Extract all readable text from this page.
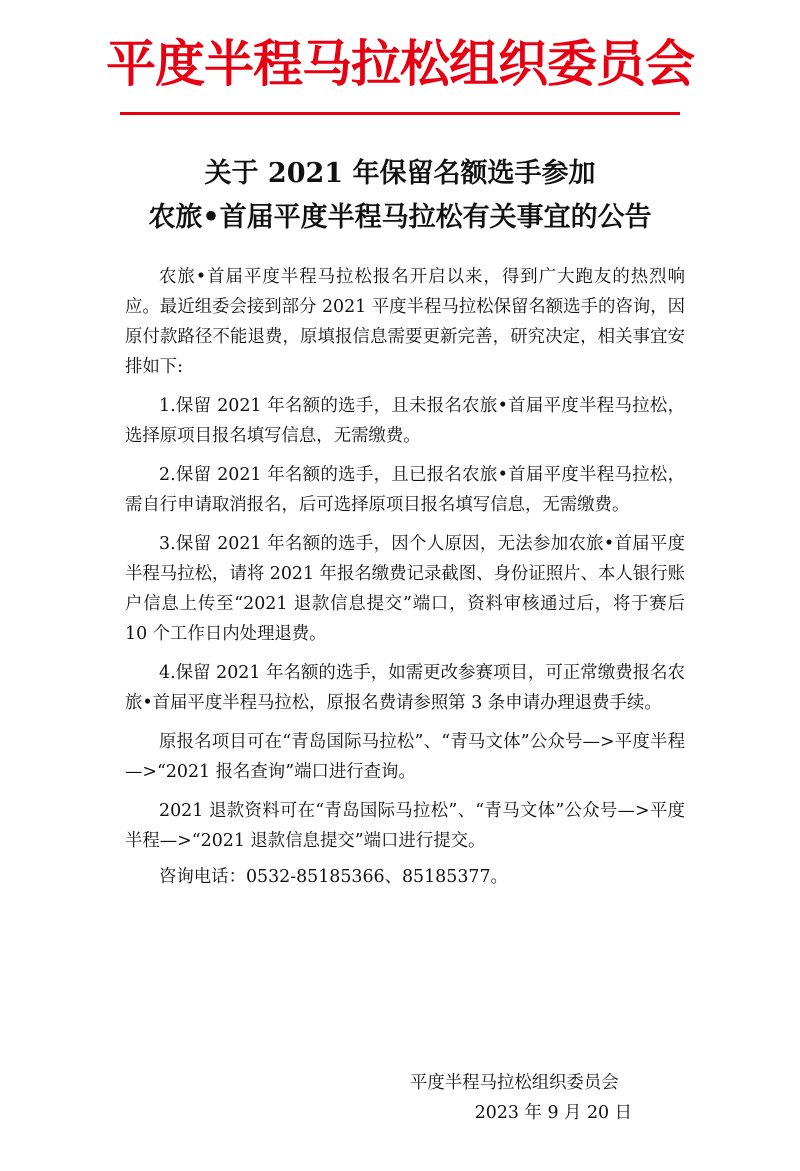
平度半程马拉松组织委员会
关于 2021 年保留名额选手参加
农旅•首届平度半程马拉松有关事宜的公告

农旅•首届平度半程马拉松报名开启以来，得到广大跑友的热烈响应。最近组委会接到部分 2021 平度半程马拉松保留名额选手的咨询，因原付款路径不能退费，原填报信息需要更新完善，研究决定，相关事宜安排如下:

1.保留 2021 年名额的选手，且未报名农旅•首届平度半程马拉松，选择原项目报名填写信息，无需缴费。

2.保留 2021 年名额的选手，且已报名农旅•首届平度半程马拉松，需自行申请取消报名，后可选择原项目报名填写信息，无需缴费。

3.保留 2021 年名额的选手，因个人原因，无法参加农旅•首届平度半程马拉松，请将 2021 年报名缴费记录截图、身份证照片、本人银行账户信息上传至“2021 退款信息提交”端口，资料审核通过后，将于赛后 10 个工作日内处理退费。

4.保留 2021 年名额的选手，如需更改参赛项目，可正常缴费报名农旅•首届平度半程马拉松，原报名费请参照第 3 条申请办理退费手续。

原报名项目可在“青岛国际马拉松”、“青马文体”公众号—>平度半程—>“2021 报名查询”端口进行查询。

2021 退款资料可在“青岛国际马拉松”、“青马文体”公众号—>平度半程—>“2021 退款信息提交”端口进行提交。

咨询电话：0532-85185366、85185377。

平度半程马拉松组织委员会
2023 年 9 月 20 日
